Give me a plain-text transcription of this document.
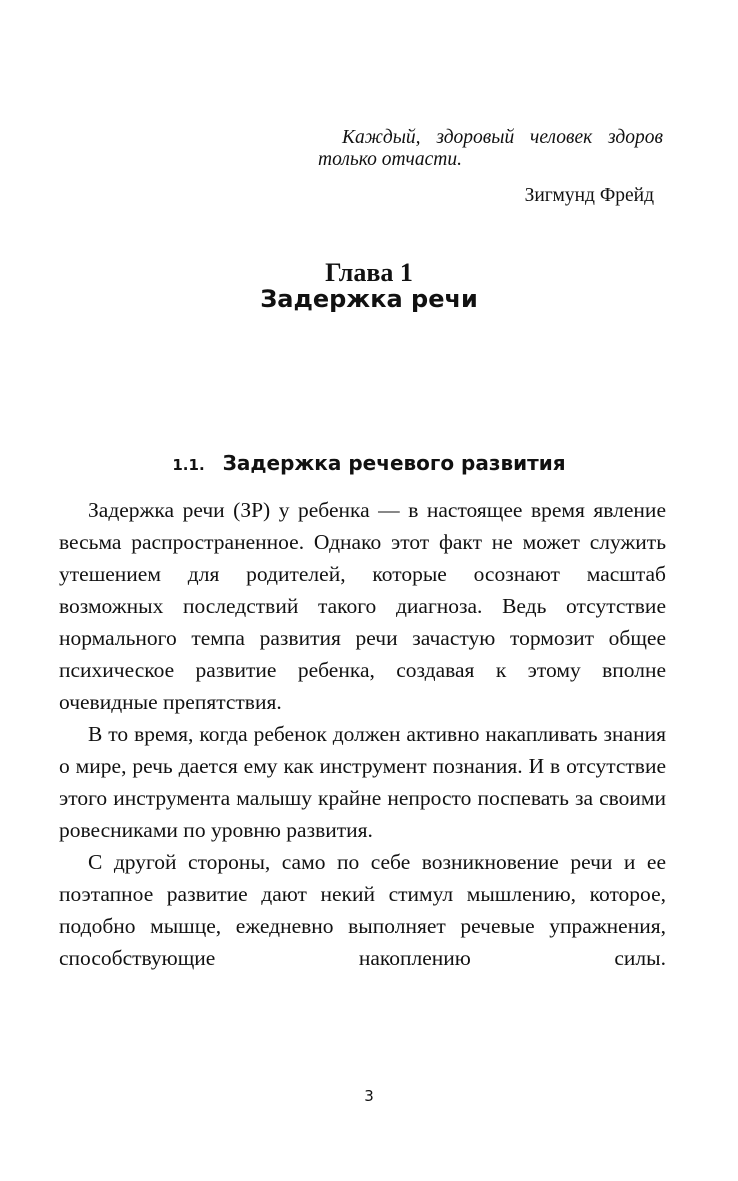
Каждый, здоровый человек здоров только отчасти.

Зигмунд Фрейд

Глава 1
Задержка речи
1.1. Задержка речевого развития

Задержка речи (ЗР) у ребенка — в настоящее время явление весьма распространенное. Однако этот факт не может служить утешением для родителей, которые осознают масштаб возможных последствий такого диагноза. Ведь отсутствие нормального темпа развития речи зачастую тормозит общее психическое развитие ребенка, создавая к этому вполне очевидные препятствия.

В то время, когда ребенок должен активно накапливать знания о мире, речь дается ему как инструмент познания. И в отсутствие этого инструмента малышу крайне непросто поспевать за своими ровесниками по уровню развития.

С другой стороны, само по себе возникновение речи и ее поэтапное развитие дают некий стимул мышлению, которое, подобно мышце, ежедневно выполняет речевые упражнения, способствующие накоплению силы.

3
